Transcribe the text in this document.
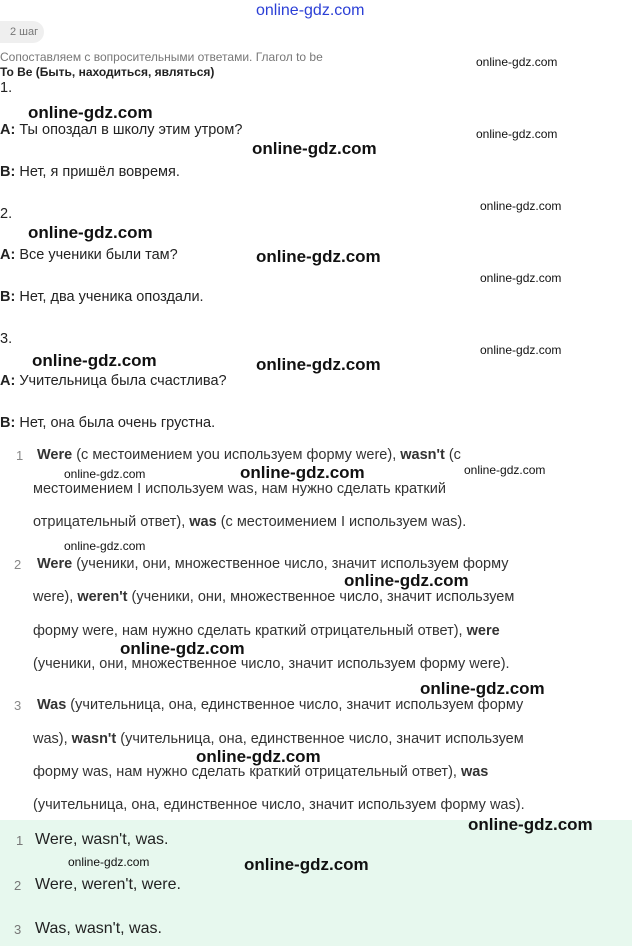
online-gdz.com
2 шаг
Сопоставляем с вопросительными ответами. Глагол to be
To Be (Быть, находиться, являться)
1.
A: Ты опоздал в школу этим утром?
B: Нет, я пришёл вовремя.
2.
A: Все ученики были там?
B: Нет, два ученика опоздали.
3.
A: Учительница была счастлива?
B: Нет, она была очень грустна.
1 Were (с местоимением you используем форму were), wasn't (с
местоимением I используем was, нам нужно сделать краткий
отрицательный ответ), was (с местоимением I используем was).
2 Were (ученики, они, множественное число, значит используем форму
were), weren't (ученики, они, множественное число, значит используем
форму were, нам нужно сделать краткий отрицательный ответ), were
(ученики, они, множественное число, значит используем форму were).
3 Was (учительница, она, единственное число, значит используем форму
was), wasn't (учительница, она, единственное число, значит используем
форму was, нам нужно сделать краткий отрицательный ответ), was
(учительница, она, единственное число, значит используем форму was).
1 Were, wasn't, was.
2 Were, weren't, were.
3 Was, wasn't, was.
online-gdz.com
online-gdz.com
online-gdz.com
online-gdz.com
online-gdz.com
online-gdz.com
online-gdz.com
online-gdz.com
online-gdz.com
online-gdz.com	online-gdz.com
online-gdz.com
online-gdz.com
online-gdz.com
online-gdz.com
online-gdz.com
online-gdz.com
online-gdz.com
online-gdz.com
online-gdz.com
online-gdz.com	online-gdz.com
